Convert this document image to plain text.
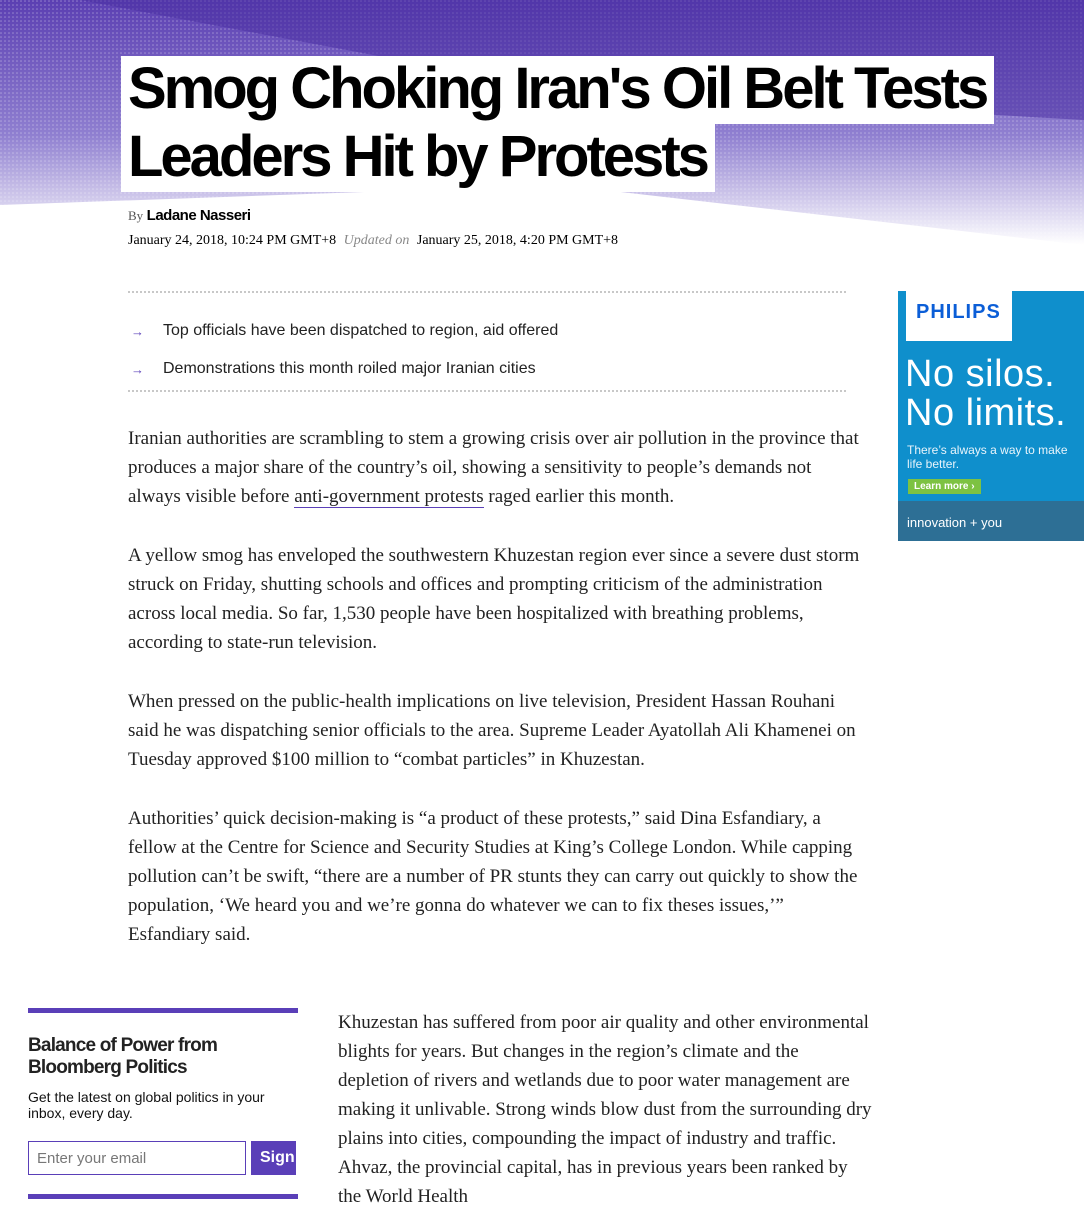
Smog Choking Iran's Oil Belt Tests
Leaders Hit by Protests
By Ladane Nasseri
January 24, 2018, 10:24 PM GMT+8 Updated on January 25, 2018, 4:20 PM GMT+8
→	Top officials have been dispatched to region, aid offered
→	Demonstrations this month roiled major Iranian cities

Iranian authorities are scrambling to stem a growing crisis over air pollution in the province that produces a major share of the country’s oil, showing a sensitivity to people’s demands not always visible before anti-government protests raged earlier this month.

A yellow smog has enveloped the southwestern Khuzestan region ever since a severe dust storm struck on Friday, shutting schools and offices and prompting criticism of the administration across local media. So far, 1,530 people have been hospitalized with breathing problems, according to state-run television.

When pressed on the public-health implications on live television, President Hassan Rouhani said he was dispatching senior officials to the area. Supreme Leader Ayatollah Ali Khamenei on Tuesday approved $100 million to “combat particles” in Khuzestan.

Authorities’ quick decision-making is “a product of these protests,” said Dina Esfandiary, a fellow at the Centre for Science and Security Studies at King’s College London. While capping pollution can’t be swift, “there are a number of PR stunts they can carry out quickly to show the population, ‘We heard you and we’re gonna do whatever we can to fix theses issues,’” Esfandiary said.

Khuzestan has suffered from poor air quality and other environmental blights for years. But changes in the region’s climate and the depletion of rivers and wetlands due to poor water management are making it unlivable. Strong winds blow dust from the surrounding dry plains into cities, compounding the impact of industry and traffic. Ahvaz, the provincial capital, has in previous years been ranked by the World Health

PHILIPS
No silos.
No limits.
There’s always a way to make life better.
Learn more ›
innovation + you
Balance of Power from Bloomberg Politics
Get the latest on global politics in your inbox, every day.
Enter your email
Sign Up
